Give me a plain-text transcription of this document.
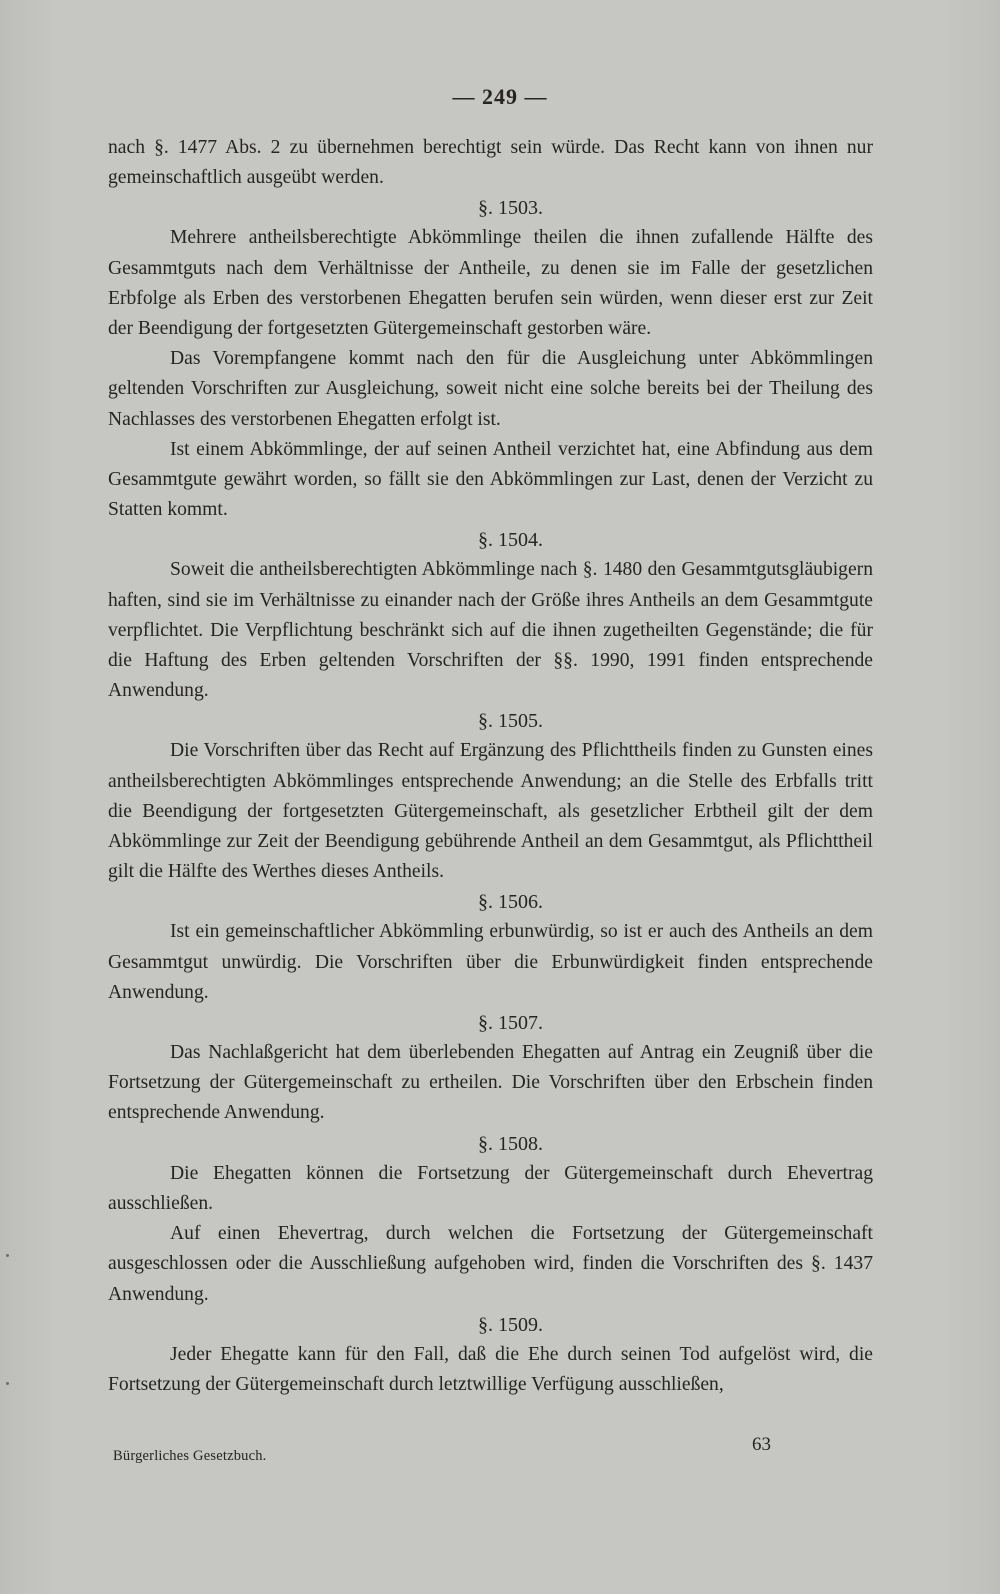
— 249 —

nach §. 1477 Abs. 2 zu übernehmen berechtigt sein würde. Das Recht kann von ihnen nur gemeinschaftlich ausgeübt werden.

§. 1503.

Mehrere antheilsberechtigte Abkömmlinge theilen die ihnen zufallende Hälfte des Gesammtguts nach dem Verhältnisse der Antheile, zu denen sie im Falle der gesetzlichen Erbfolge als Erben des verstorbenen Ehegatten berufen sein würden, wenn dieser erst zur Zeit der Beendigung der fortgesetzten Gütergemeinschaft gestorben wäre.

Das Vorempfangene kommt nach den für die Ausgleichung unter Abkömmlingen geltenden Vorschriften zur Ausgleichung, soweit nicht eine solche bereits bei der Theilung des Nachlasses des verstorbenen Ehegatten erfolgt ist.

Ist einem Abkömmlinge, der auf seinen Antheil verzichtet hat, eine Abfindung aus dem Gesammtgute gewährt worden, so fällt sie den Abkömmlingen zur Last, denen der Verzicht zu Statten kommt.

§. 1504.

Soweit die antheilsberechtigten Abkömmlinge nach §. 1480 den Gesammtgutsgläubigern haften, sind sie im Verhältnisse zu einander nach der Größe ihres Antheils an dem Gesammtgute verpflichtet. Die Verpflichtung beschränkt sich auf die ihnen zugetheilten Gegenstände; die für die Haftung des Erben geltenden Vorschriften der §§. 1990, 1991 finden entsprechende Anwendung.

§. 1505.

Die Vorschriften über das Recht auf Ergänzung des Pflichttheils finden zu Gunsten eines antheilsberechtigten Abkömmlinges entsprechende Anwendung; an die Stelle des Erbfalls tritt die Beendigung der fortgesetzten Gütergemeinschaft, als gesetzlicher Erbtheil gilt der dem Abkömmlinge zur Zeit der Beendigung gebührende Antheil an dem Gesammtgut, als Pflichttheil gilt die Hälfte des Werthes dieses Antheils.

§. 1506.

Ist ein gemeinschaftlicher Abkömmling erbunwürdig, so ist er auch des Antheils an dem Gesammtgut unwürdig. Die Vorschriften über die Erbunwürdigkeit finden entsprechende Anwendung.

§. 1507.

Das Nachlaßgericht hat dem überlebenden Ehegatten auf Antrag ein Zeugniß über die Fortsetzung der Gütergemeinschaft zu ertheilen. Die Vorschriften über den Erbschein finden entsprechende Anwendung.

§. 1508.

Die Ehegatten können die Fortsetzung der Gütergemeinschaft durch Ehevertrag ausschließen.

Auf einen Ehevertrag, durch welchen die Fortsetzung der Gütergemeinschaft ausgeschlossen oder die Ausschließung aufgehoben wird, finden die Vorschriften des §. 1437 Anwendung.

§. 1509.

Jeder Ehegatte kann für den Fall, daß die Ehe durch seinen Tod aufgelöst wird, die Fortsetzung der Gütergemeinschaft durch letztwillige Verfügung ausschließen,

Bürgerliches Gesetzbuch.
63
